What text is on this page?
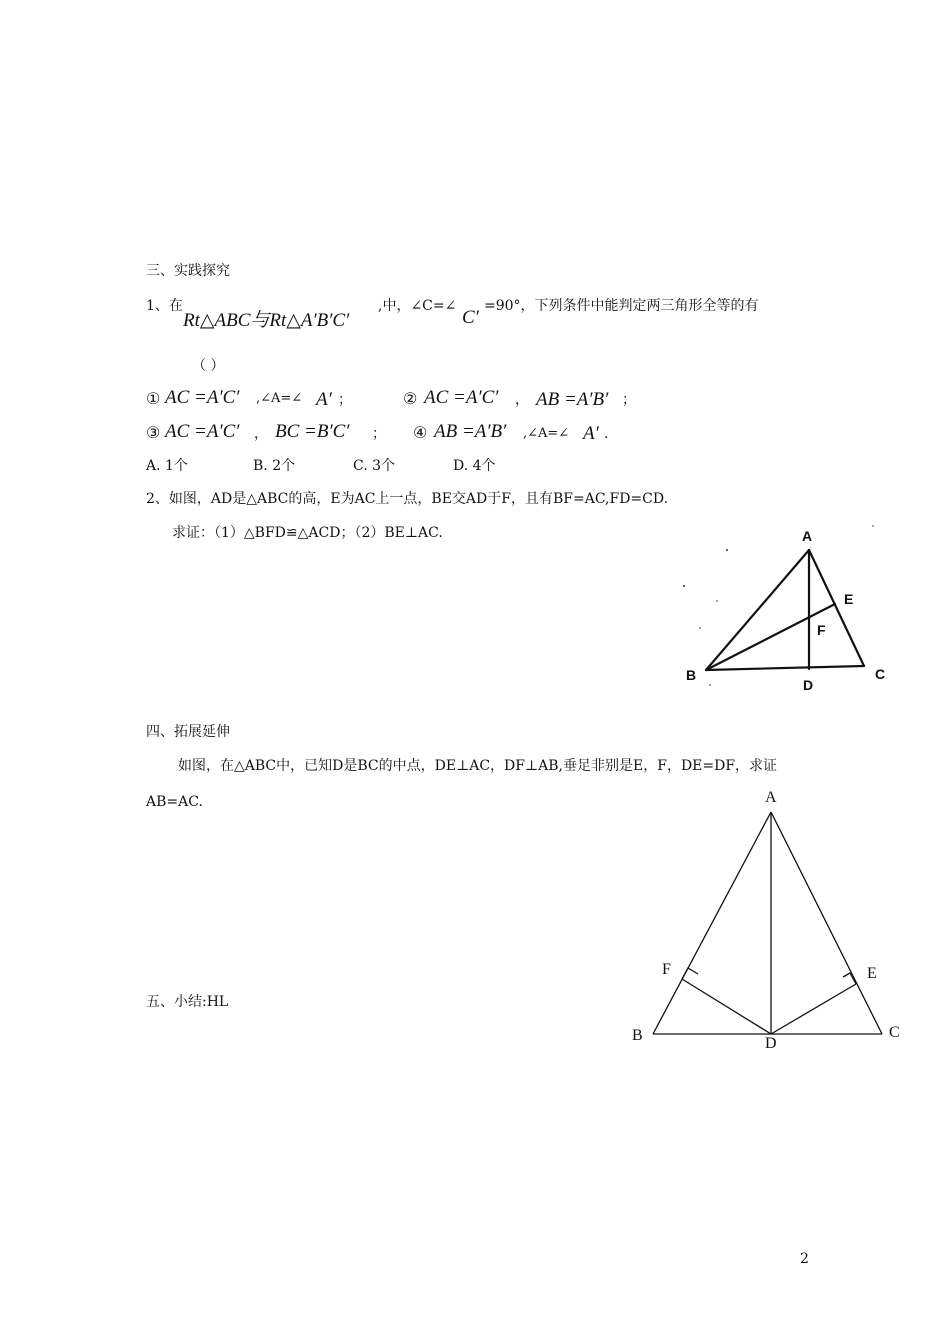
三、实践探究
1、在
Rt△ABC与Rt△A′B′C′
,中，∠C=∠
C′
=90°，下列条件中能判定两三角形全等的有
（ ）
① AC =A′C′ ,∠A=∠ A′ ；	② AC =A′C′ ， AB =A′B′ ；
③ AC =A′C′ ， BC =B′C′ ； ④ AB =A′B′ ,∠A=∠ A′ .
A. 1个	B. 2个	C. 3个	D. 4个
2、如图，AD是△ABC的高，E为AC上一点，BE交AD于F，且有BF=AC,FD=CD.
求证：（1）△BFD≌△ACD；（2）BE⊥AC.	A
E
F
B
D
C
四、拓展延伸
如图，在△ABC中，已知D是BC的中点，DE⊥AC，DF⊥AB,垂足非别是E，F，DE=DF，求证
AB=AC.	A
F	E
B	D
C
五、小结:HL
2
